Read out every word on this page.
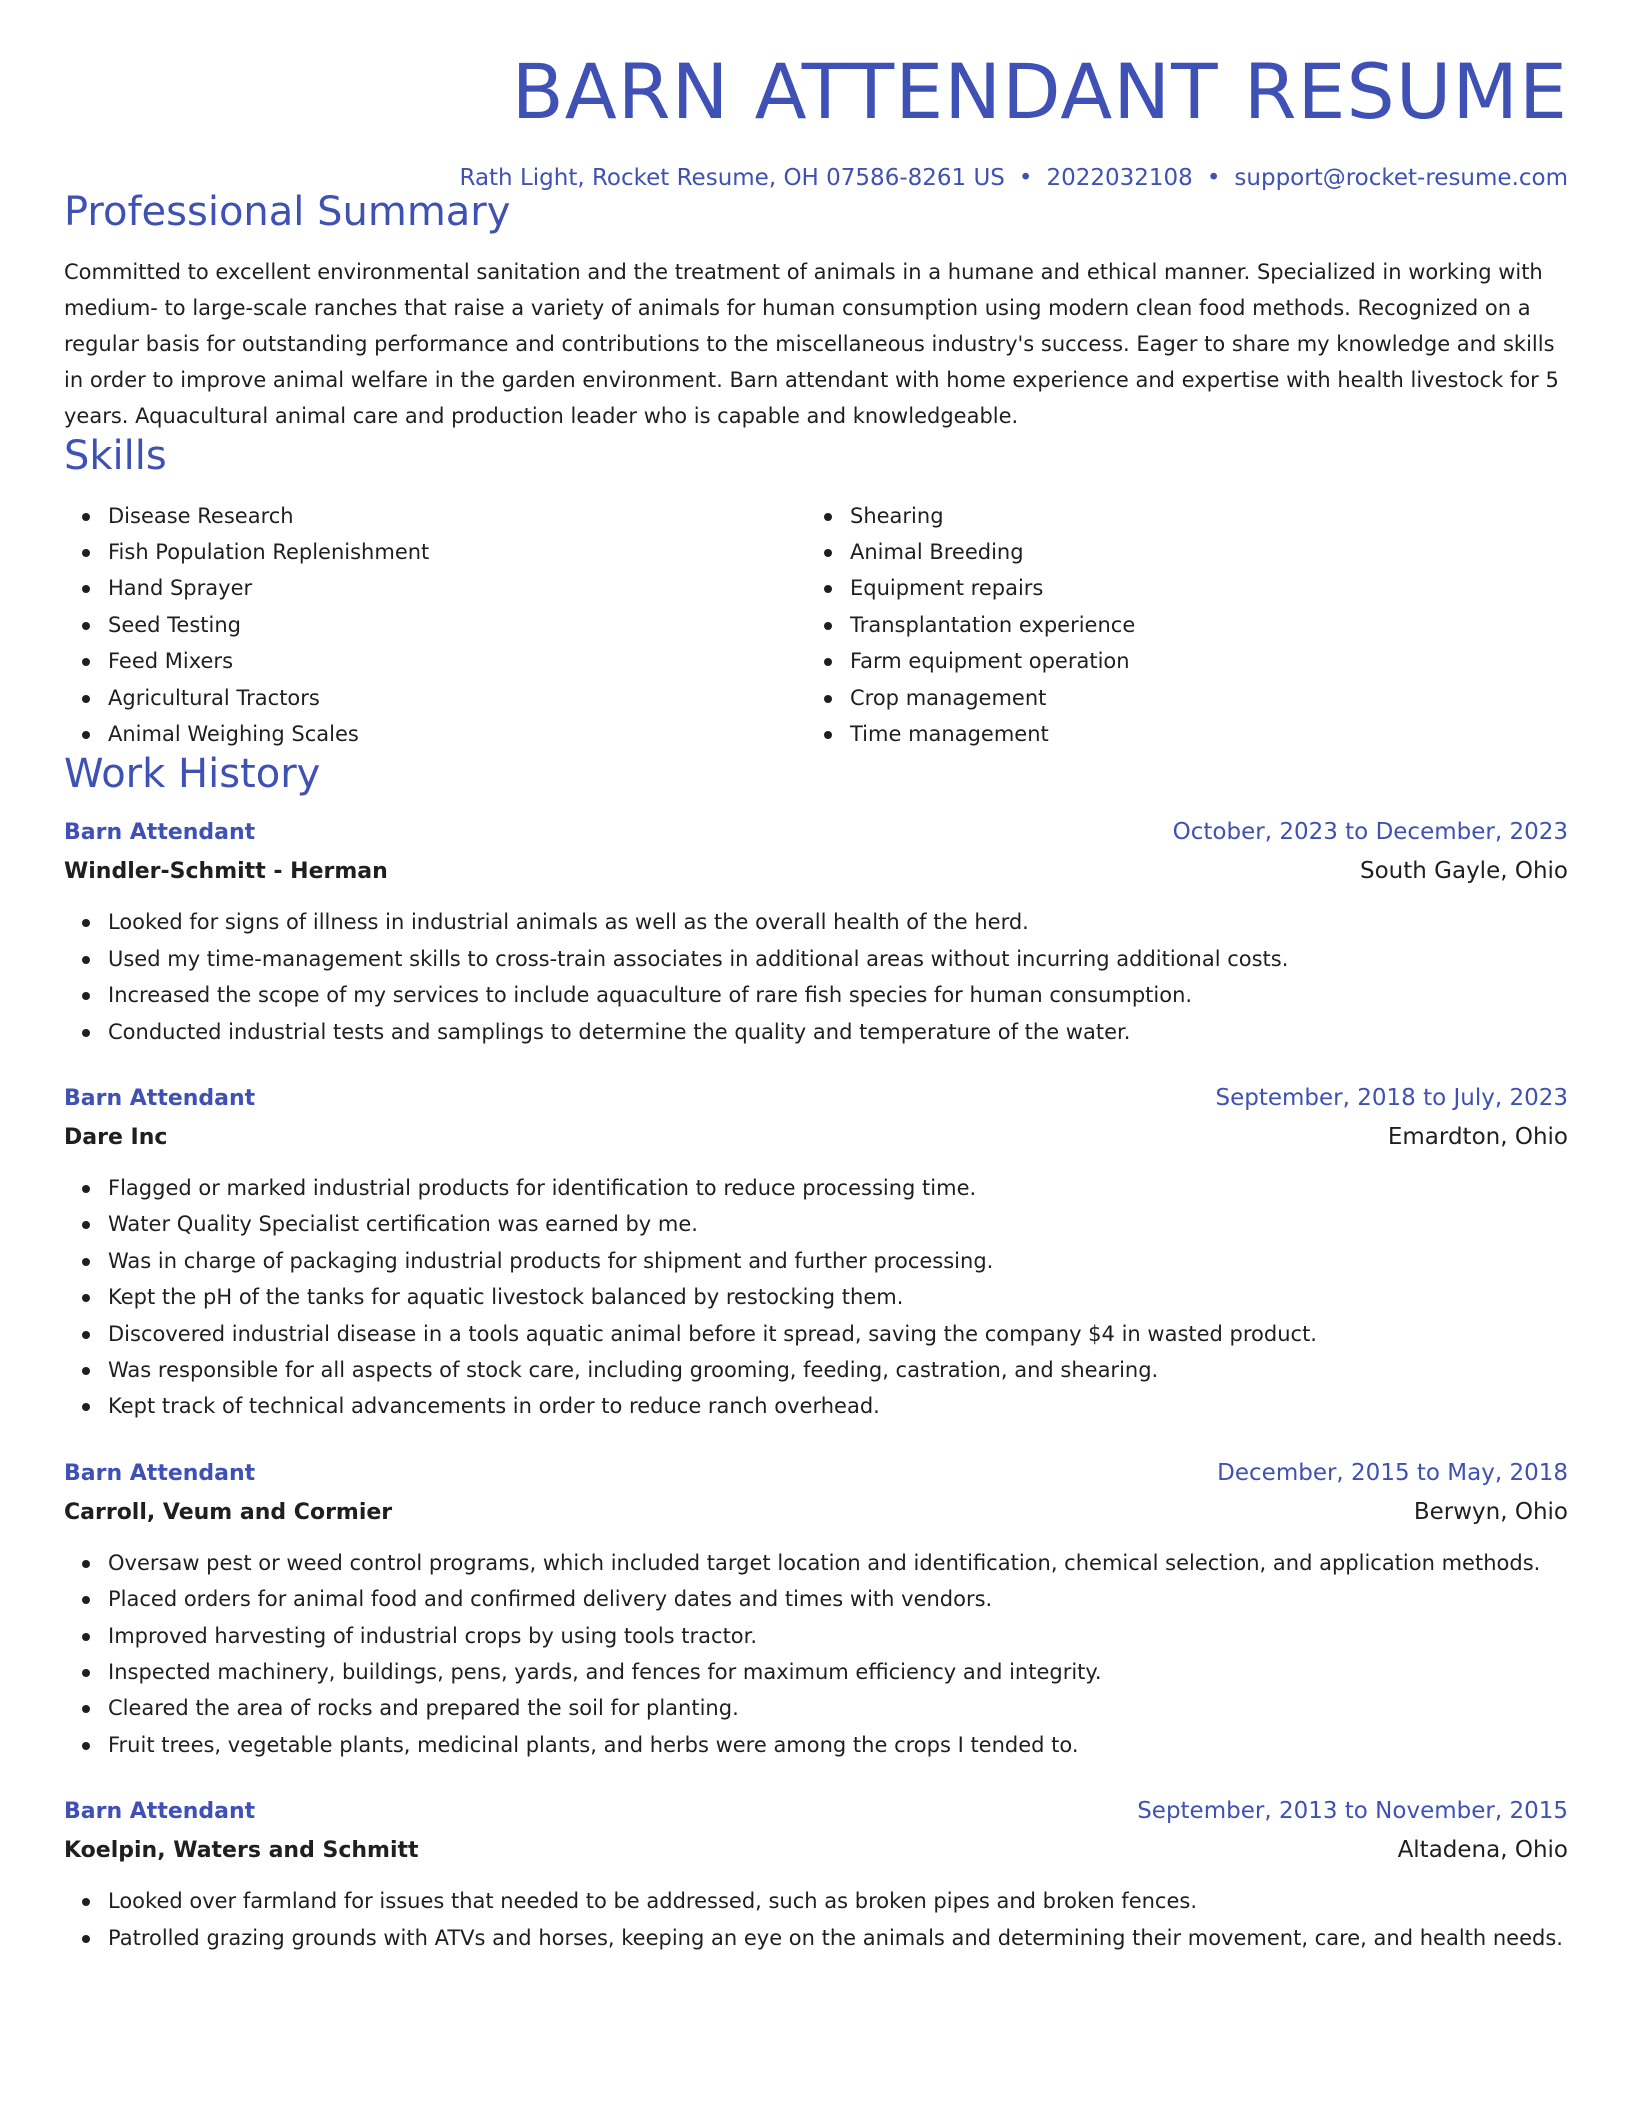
BARN ATTENDANT RESUME
Rath Light, Rocket Resume, OH 07586-8261 US • 2022032108 • support@rocket-resume.com
Professional Summary
Committed to excellent environmental sanitation and the treatment of animals in a humane and ethical manner. Specialized in working with medium- to large-scale ranches that raise a variety of animals for human consumption using modern clean food methods. Recognized on a regular basis for outstanding performance and contributions to the miscellaneous industry's success. Eager to share my knowledge and skills in order to improve animal welfare in the garden environment. Barn attendant with home experience and expertise with health livestock for 5 years. Aquacultural animal care and production leader who is capable and knowledgeable.
Skills
Disease Research
Fish Population Replenishment
Hand Sprayer
Seed Testing
Feed Mixers
Agricultural Tractors
Animal Weighing Scales
Shearing
Animal Breeding
Equipment repairs
Transplantation experience
Farm equipment operation
Crop management
Time management
Work History
Barn Attendant	October, 2023 to December, 2023
Windler-Schmitt - Herman	South Gayle, Ohio
Looked for signs of illness in industrial animals as well as the overall health of the herd.
Used my time-management skills to cross-train associates in additional areas without incurring additional costs.
Increased the scope of my services to include aquaculture of rare fish species for human consumption.
Conducted industrial tests and samplings to determine the quality and temperature of the water.
Barn Attendant	September, 2018 to July, 2023
Dare Inc	Emardton, Ohio
Flagged or marked industrial products for identification to reduce processing time.
Water Quality Specialist certification was earned by me.
Was in charge of packaging industrial products for shipment and further processing.
Kept the pH of the tanks for aquatic livestock balanced by restocking them.
Discovered industrial disease in a tools aquatic animal before it spread, saving the company $4 in wasted product.
Was responsible for all aspects of stock care, including grooming, feeding, castration, and shearing.
Kept track of technical advancements in order to reduce ranch overhead.
Barn Attendant	December, 2015 to May, 2018
Carroll, Veum and Cormier	Berwyn, Ohio
Oversaw pest or weed control programs, which included target location and identification, chemical selection, and application methods.
Placed orders for animal food and confirmed delivery dates and times with vendors.
Improved harvesting of industrial crops by using tools tractor.
Inspected machinery, buildings, pens, yards, and fences for maximum efficiency and integrity.
Cleared the area of rocks and prepared the soil for planting.
Fruit trees, vegetable plants, medicinal plants, and herbs were among the crops I tended to.
Barn Attendant	September, 2013 to November, 2015
Koelpin, Waters and Schmitt	Altadena, Ohio
Looked over farmland for issues that needed to be addressed, such as broken pipes and broken fences.
Patrolled grazing grounds with ATVs and horses, keeping an eye on the animals and determining their movement, care, and health needs.
